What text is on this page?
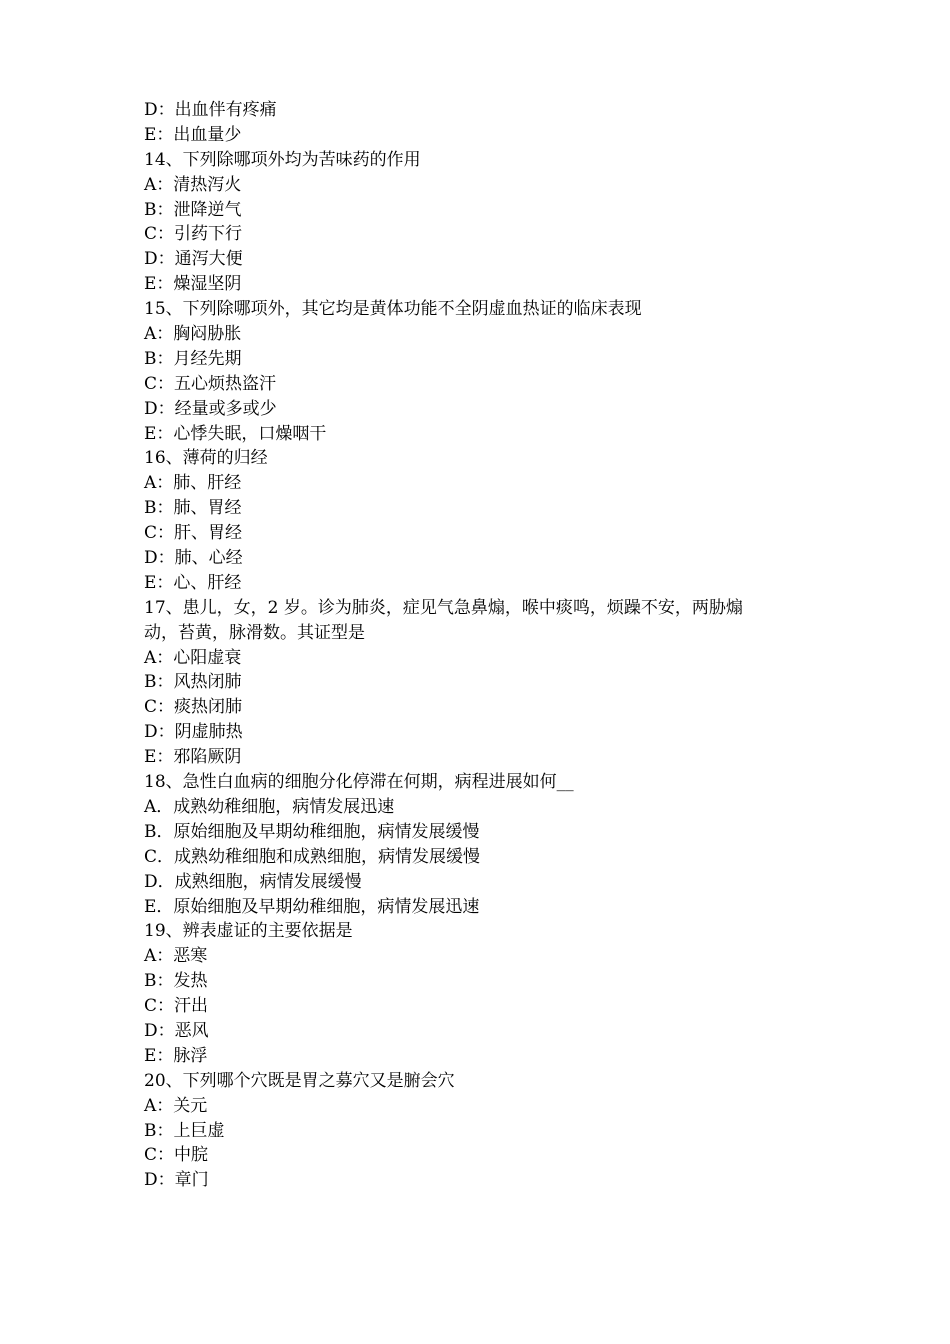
D：出血伴有疼痛
E：出血量少
14、下列除哪项外均为苦味药的作用
A：清热泻火
B：泄降逆气
C：引药下行
D：通泻大便
E：燥湿坚阴
15、下列除哪项外，其它均是黄体功能不全阴虚血热证的临床表现
A：胸闷胁胀
B：月经先期
C：五心烦热盗汗
D：经量或多或少
E：心悸失眠，口燥咽干
16、薄荷的归经
A：肺、肝经
B：肺、胃经
C：肝、胃经
D：肺、心经
E：心、肝经
17、患儿，女，2 岁。诊为肺炎，症见气急鼻煽，喉中痰鸣，烦躁不安，两胁煽
动，苔黄，脉滑数。其证型是
A：心阳虚衰
B：风热闭肺
C：痰热闭肺
D：阴虚肺热
E：邪陷厥阴
18、急性白血病的细胞分化停滞在何期，病程进展如何__
A．成熟幼稚细胞，病情发展迅速
B．原始细胞及早期幼稚细胞，病情发展缓慢
C．成熟幼稚细胞和成熟细胞，病情发展缓慢
D．成熟细胞，病情发展缓慢
E．原始细胞及早期幼稚细胞，病情发展迅速
19、辨表虚证的主要依据是
A：恶寒
B：发热
C：汗出
D：恶风
E：脉浮
20、下列哪个穴既是胃之募穴又是腑会穴
A：关元
B：上巨虚
C：中脘
D：章门
